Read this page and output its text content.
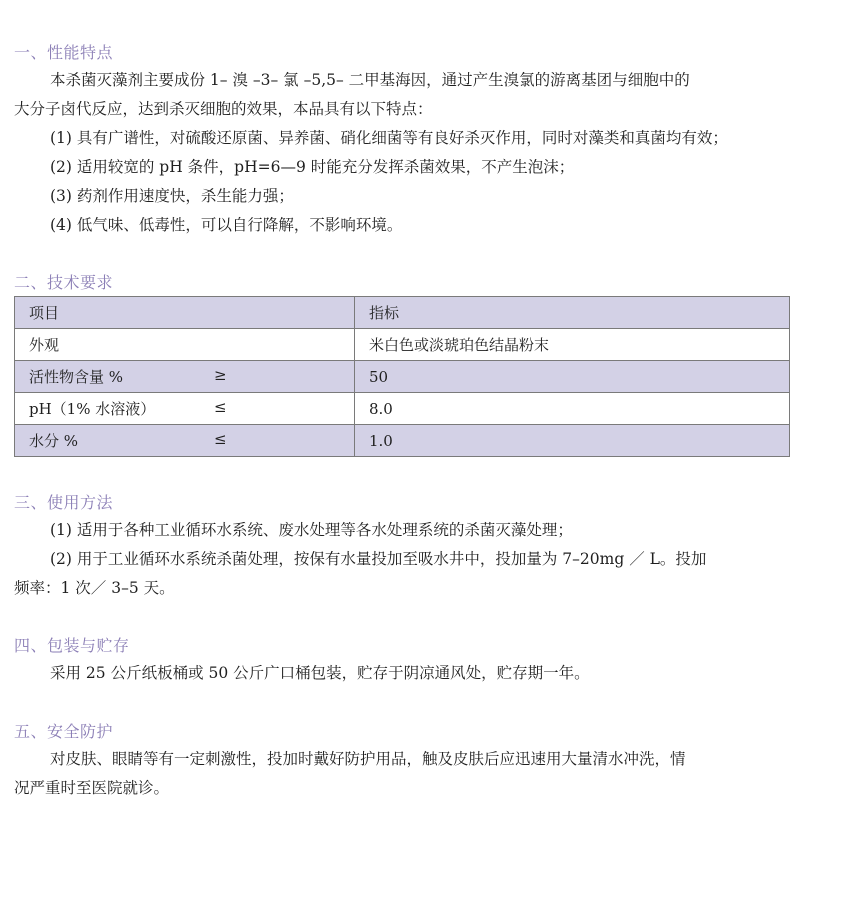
一、性能特点
本杀菌灭藻剂主要成份 1– 溴 –3– 氯 –5,5– 二甲基海因，通过产生溴氯的游离基团与细胞中的
大分子卤代反应，达到杀灭细胞的效果，本品具有以下特点：
(1) 具有广谱性，对硫酸还原菌、异养菌、硝化细菌等有良好杀灭作用，同时对藻类和真菌均有效；
(2) 适用较宽的 pH 条件，pH=6—9 时能充分发挥杀菌效果，不产生泡沫；
(3) 药剂作用速度快，杀生能力强；
(4) 低气味、低毒性，可以自行降解，不影响环境。
二、技术要求
项目	指标

外观	米白色或淡琥珀色结晶粉末

活性物含量 % ≥	50

pH（1% 水溶液） ≤	8.0

水分 % ≤	1.0
三、使用方法
(1) 适用于各种工业循环水系统、废水处理等各水处理系统的杀菌灭藻处理；
(2) 用于工业循环水系统杀菌处理，按保有水量投加至吸水井中，投加量为 7–20mg ／ L。投加
频率：1 次／ 3–5 天。
四、包装与贮存
采用 25 公斤纸板桶或 50 公斤广口桶包装，贮存于阴凉通风处，贮存期一年。
五、安全防护
对皮肤、眼睛等有一定刺激性，投加时戴好防护用品，触及皮肤后应迅速用大量清水冲洗，情
况严重时至医院就诊。
